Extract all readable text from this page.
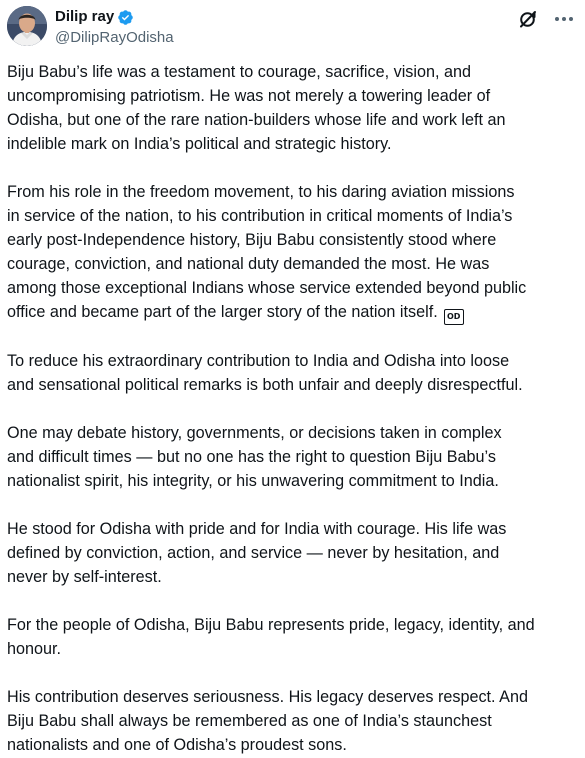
Dilip ray
@DilipRayOdisha

Biju Babu’s life was a testament to courage, sacrifice, vision, and
uncompromising patriotism. He was not merely a towering leader of
Odisha, but one of the rare nation-builders whose life and work left an
indelible mark on India’s political and strategic history.

From his role in the freedom movement, to his daring aviation missions
in service of the nation, to his contribution in critical moments of India’s
early post-Independence history, Biju Babu consistently stood where
courage, conviction, and national duty demanded the most. He was
among those exceptional Indians whose service extended beyond public
office and became part of the larger story of the nation itself. OD

To reduce his extraordinary contribution to India and Odisha into loose
and sensational political remarks is both unfair and deeply disrespectful.

One may debate history, governments, or decisions taken in complex
and difficult times — but no one has the right to question Biju Babu’s
nationalist spirit, his integrity, or his unwavering commitment to India.

He stood for Odisha with pride and for India with courage. His life was
defined by conviction, action, and service — never by hesitation, and
never by self-interest.

For the people of Odisha, Biju Babu represents pride, legacy, identity, and
honour.

His contribution deserves seriousness. His legacy deserves respect. And
Biju Babu shall always be remembered as one of India’s staunchest
nationalists and one of Odisha’s proudest sons.
